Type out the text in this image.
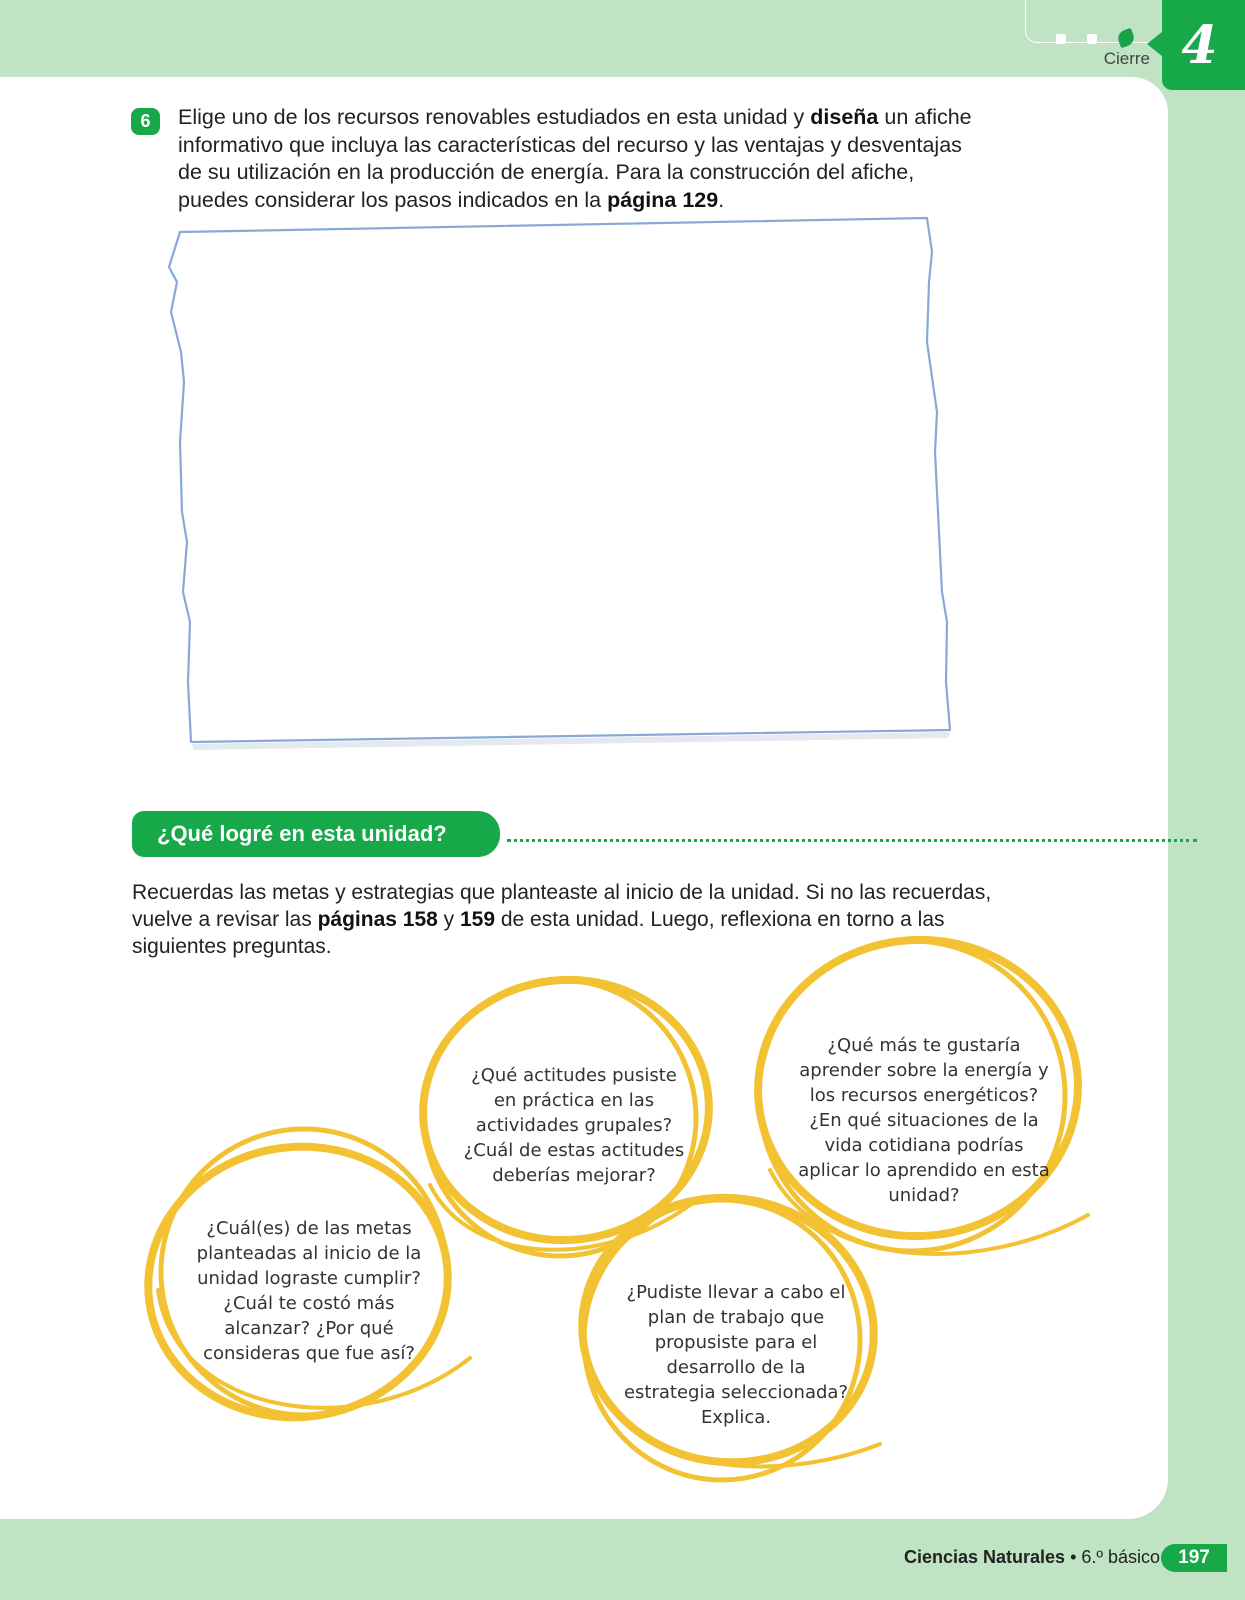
Cierre 4
6	Elige uno de los recursos renovables estudiados en esta unidad y diseña un afiche informativo que incluya las características del recurso y las ventajas y desventajas de su utilización en la producción de energía. Para la construcción del afiche, puedes considerar los pasos indicados en la página 129.
¿Qué logré en esta unidad?
Recuerdas las metas y estrategias que planteaste al inicio de la unidad. Si no las recuerdas, vuelve a revisar las páginas 158 y 159 de esta unidad. Luego, reflexiona en torno a las siguientes preguntas.
¿Cuál(es) de las metas planteadas al inicio de la unidad lograste cumplir? ¿Cuál te costó más alcanzar? ¿Por qué consideras que fue así?
¿Qué actitudes pusiste en práctica en las actividades grupales? ¿Cuál de estas actitudes deberías mejorar?
¿Pudiste llevar a cabo el plan de trabajo que propusiste para el desarrollo de la estrategia seleccionada? Explica.
¿Qué más te gustaría aprender sobre la energía y los recursos energéticos? ¿En qué situaciones de la vida cotidiana podrías aplicar lo aprendido en esta unidad?
Ciencias Naturales • 6.º básico 197
